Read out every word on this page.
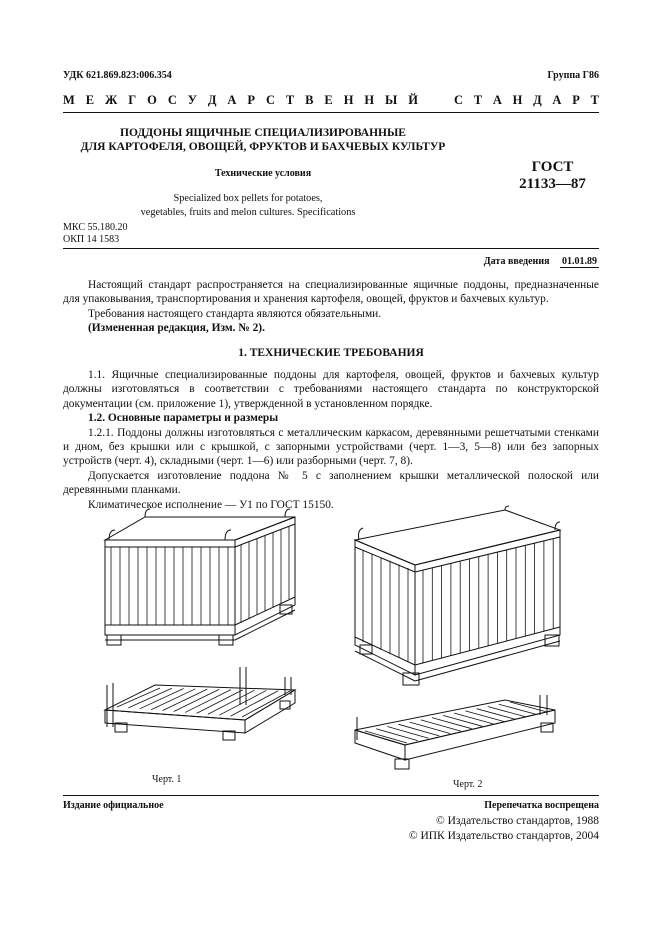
УДК 621.869.823:006.354	Группа Г86
М Е Ж Г О С У Д А Р С Т В Е Н Н Ы Й	С Т А Н Д А Р Т
ПОДДОНЫ ЯЩИЧНЫЕ СПЕЦИАЛИЗИРОВАННЫЕ
ДЛЯ КАРТОФЕЛЯ, ОВОЩЕЙ, ФРУКТОВ И БАХЧЕВЫХ КУЛЬТУР
Технические условия
Specialized box pellets for potatoes,
vegetables, fruits and melon cultures. Specifications
ГОСТ
21133—87
МКС 55.180.20
ОКП 14 1583
Дата введения 01.01.89
Настоящий стандарт распространяется на специализированные ящичные поддоны, предназначенные для упаковывания, транспортирования и хранения картофеля, овощей, фруктов и бахчевых культур.
Требования настоящего стандарта являются обязательными.
(Измененная редакция, Изм. № 2).
1. ТЕХНИЧЕСКИЕ ТРЕБОВАНИЯ
1.1. Ящичные специализированные поддоны для картофеля, овощей, фруктов и бахчевых культур должны изготовляться в соответствии с требованиями настоящего стандарта по конструкторской документации (см. приложение 1), утвержденной в установленном порядке.
1.2. Основные параметры и размеры
1.2.1. Поддоны должны изготовляться с металлическим каркасом, деревянными решетчатыми стенками и дном, без крышки или с крышкой, с запорными устройствами (черт. 1—3, 5—8) или без запорных устройств (черт. 4), складными (черт. 1—6) или разборными (черт. 7, 8).
Допускается изготовление поддона № 5 с заполнением крышки металлической полоской или деревянными планками.
Климатическое исполнение — У1 по ГОСТ 15150.
Черт. 1	Черт. 2
Издание официальное	Перепечатка воспрещена
© Издательство стандартов, 1988
© ИПК Издательство стандартов, 2004
